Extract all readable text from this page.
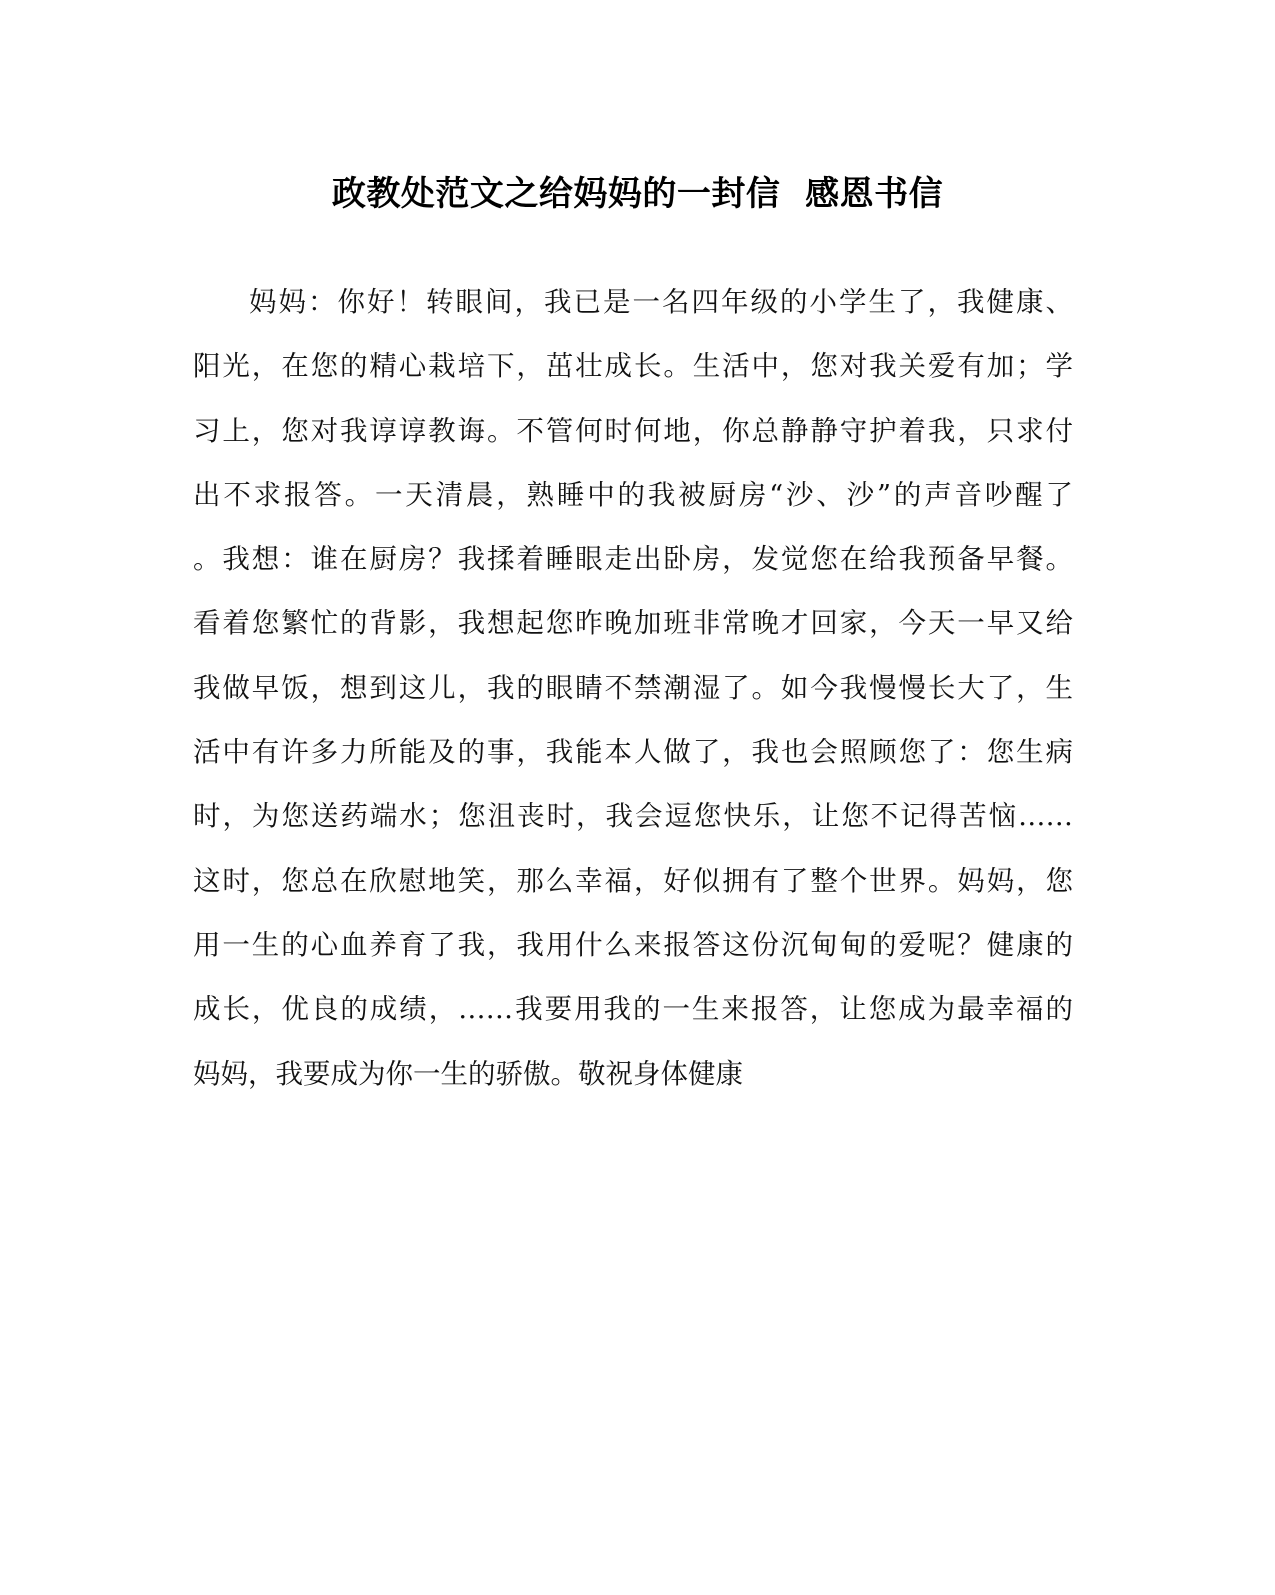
政教处范文之给妈妈的一封信  感恩书信
妈妈：你好！转眼间，我已是一名四年级的小学生了，我健康、
阳光，在您的精心栽培下，茁壮成长。生活中，您对我关爱有加；学
习上，您对我谆谆教诲。不管何时何地，你总静静守护着我，只求付
出不求报答。一天清晨，熟睡中的我被厨房“沙、沙”的声音吵醒了
。我想：谁在厨房？我揉着睡眼走出卧房，发觉您在给我预备早餐。
看着您繁忙的背影，我想起您昨晚加班非常晚才回家，今天一早又给
我做早饭，想到这儿，我的眼睛不禁潮湿了。如今我慢慢长大了，生
活中有许多力所能及的事，我能本人做了，我也会照顾您了：您生病
时，为您送药端水；您沮丧时，我会逗您快乐，让您不记得苦恼……
这时，您总在欣慰地笑，那么幸福，好似拥有了整个世界。妈妈，您
用一生的心血养育了我，我用什么来报答这份沉甸甸的爱呢？健康的
成长，优良的成绩，……我要用我的一生来报答，让您成为最幸福的
妈妈，我要成为你一生的骄傲。敬祝身体健康
